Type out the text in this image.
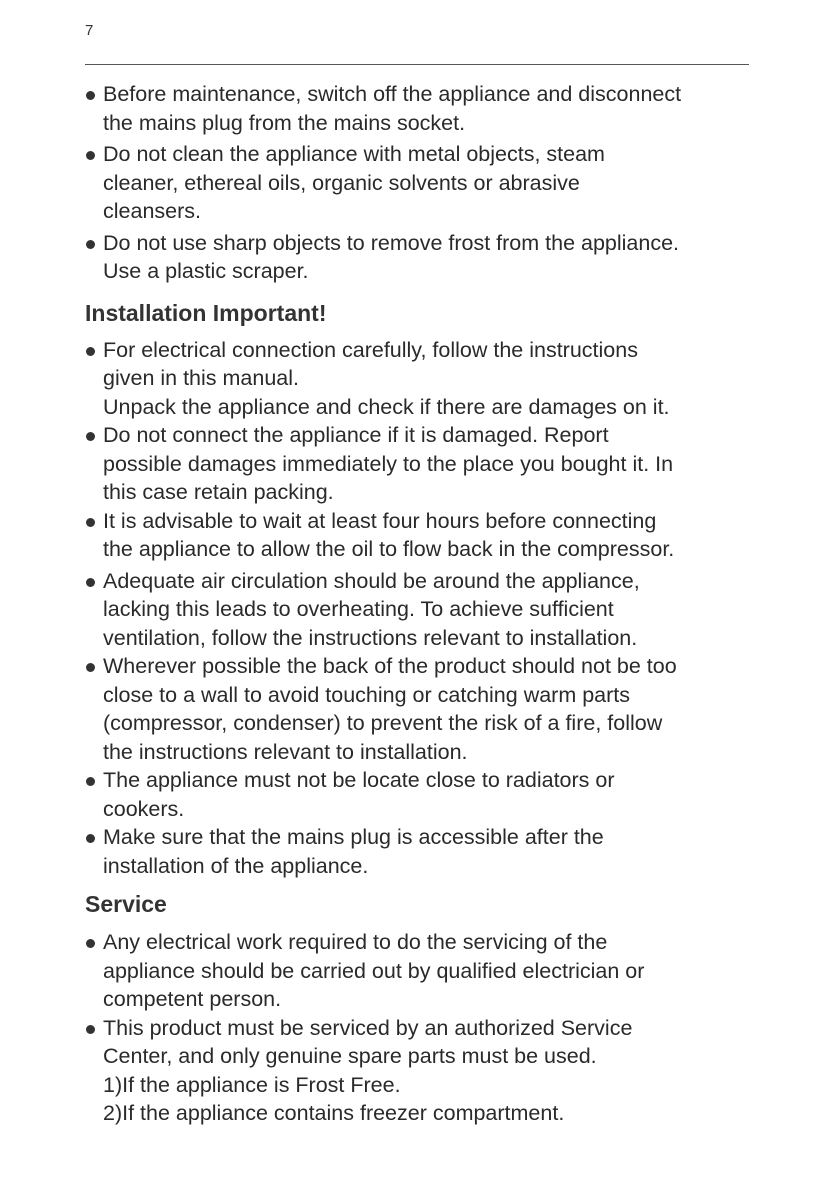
7
Before maintenance, switch off the appliance and disconnect
the mains plug from the mains socket.
Do not clean the appliance with metal objects, steam
cleaner, ethereal oils, organic solvents or abrasive
cleansers.
Do not use sharp objects to remove frost from the appliance.
Use a plastic scraper.
Installation Important!
For electrical connection carefully, follow the instructions
given in this manual.
Unpack the appliance and check if there are damages on it.
Do not connect the appliance if it is damaged. Report
possible damages immediately to the place you bought it. In
this case retain packing.
It is advisable to wait at least four hours before connecting
the appliance to allow the oil to flow back in the compressor.
Adequate air circulation should be around the appliance,
lacking this leads to overheating. To achieve sufficient
ventilation, follow the instructions relevant to installation.
Wherever possible the back of the product should not be too
close to a wall to avoid touching or catching warm parts
(compressor, condenser) to prevent the risk of a fire, follow
the instructions relevant to installation.
The appliance must not be locate close to radiators or
cookers.
Make sure that the mains plug is accessible after the
installation of the appliance.
Service
Any electrical work required to do the servicing of the
appliance should be carried out by qualified electrician or
competent person.
This product must be serviced by an authorized Service
Center, and only genuine spare parts must be used.
1)If the appliance is Frost Free.
2)If the appliance contains freezer compartment.
